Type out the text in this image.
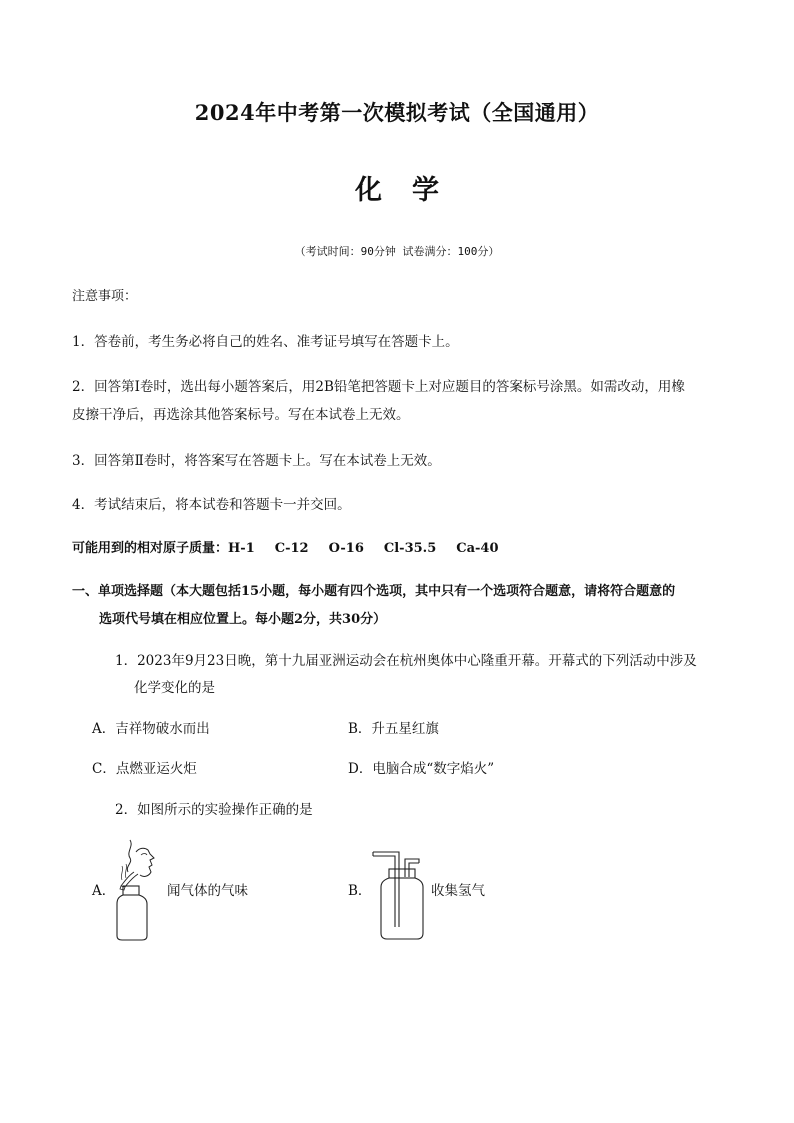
2024年中考第一次模拟考试（全国通用）
化学
（考试时间：90分钟 试卷满分：100分）
注意事项：
1．答卷前，考生务必将自己的姓名、准考证号填写在答题卡上。
2．回答第Ⅰ卷时，选出每小题答案后，用2B铅笔把答题卡上对应题目的答案标号涂黑。如需改动，用橡
皮擦干净后，再选涂其他答案标号。写在本试卷上无效。
3．回答第Ⅱ卷时，将答案写在答题卡上。写在本试卷上无效。
4．考试结束后，将本试卷和答题卡一并交回。
可能用到的相对原子质量：H-1 C-12 O-16 Cl-35.5 Ca-40
一、单项选择题（本大题包括15小题，每小题有四个选项，其中只有一个选项符合题意，请将符合题意的
选项代号填在相应位置上。每小题2分，共30分）
1．2023年9月23日晚，第十九届亚洲运动会在杭州奥体中心隆重开幕。开幕式的下列活动中涉及
化学变化的是
A．吉祥物破水而出	B．升五星红旗
C．点燃亚运火炬	D．电脑合成“数字焰火”
2．如图所示的实验操作正确的是
A．	闻气体的气味	B．	收集氢气
